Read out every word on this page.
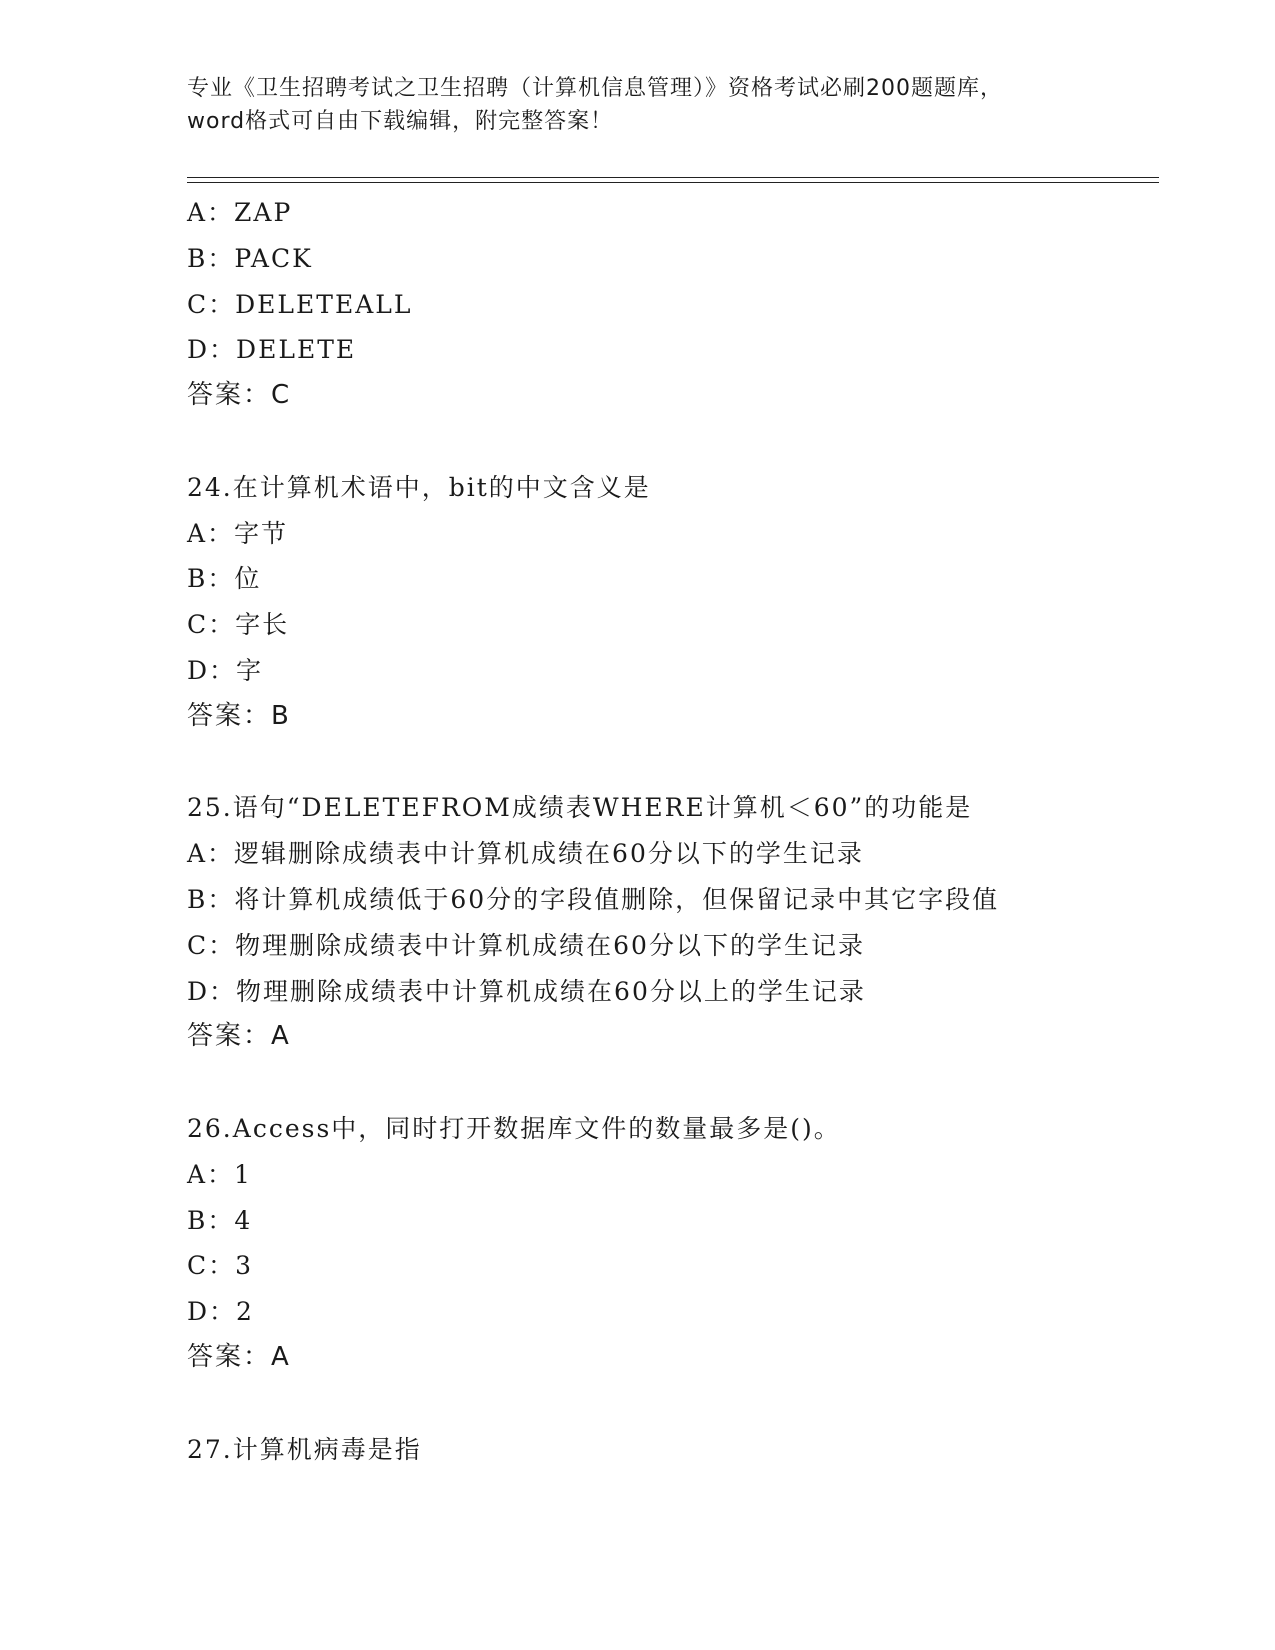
专业《卫生招聘考试之卫生招聘（计算机信息管理）》资格考试必刷200题题库，
word格式可自由下载编辑，附完整答案！
A：ZAP
B：PACK
C：DELETEALL
D：DELETE
答案：C
24.在计算机术语中，bit的中文含义是
A：字节
B：位
C：字长
D：字
答案：B
25.语句“DELETEFROM成绩表WHERE计算机＜60”的功能是
A：逻辑删除成绩表中计算机成绩在60分以下的学生记录
B：将计算机成绩低于60分的字段值删除，但保留记录中其它字段值
C：物理删除成绩表中计算机成绩在60分以下的学生记录
D：物理删除成绩表中计算机成绩在60分以上的学生记录
答案：A
26.Access中，同时打开数据库文件的数量最多是()。
A：1
B：4
C：3
D：2
答案：A
27.计算机病毒是指
